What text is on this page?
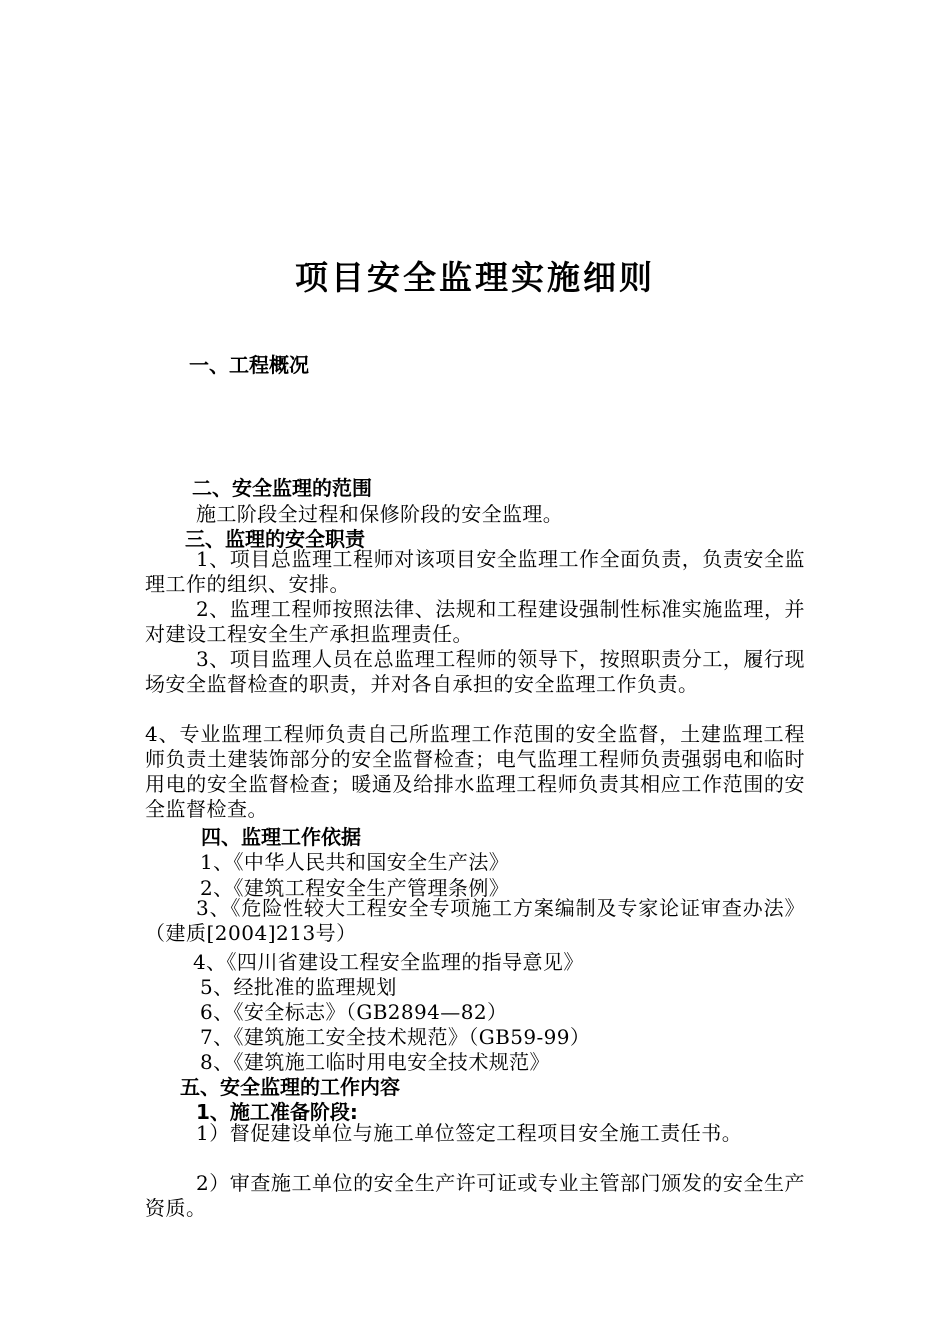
项目安全监理实施细则
一、工程概况
二、安全监理的范围
施工阶段全过程和保修阶段的安全监理。
三、监理的安全职责
1、项目总监理工程师对该项目安全监理工作全面负责，负责安全监理工作的组织、安排。
2、监理工程师按照法律、法规和工程建设强制性标准实施监理，并对建设工程安全生产承担监理责任。
3、项目监理人员在总监理工程师的领导下，按照职责分工，履行现场安全监督检查的职责，并对各自承担的安全监理工作负责。
4、专业监理工程师负责自己所监理工作范围的安全监督，土建监理工程师负责土建装饰部分的安全监督检查；电气监理工程师负责强弱电和临时用电的安全监督检查；暖通及给排水监理工程师负责其相应工作范围的安全监督检查。
四、监理工作依据
1、《中华人民共和国安全生产法》
2、《建筑工程安全生产管理条例》
3、《危险性较大工程安全专项施工方案编制及专家论证审查办法》（建质[2004]213号）
4、《四川省建设工程安全监理的指导意见》
5、经批准的监理规划
6、《安全标志》（GB2894—82）
7、《建筑施工安全技术规范》（GB59-99）
8、《建筑施工临时用电安全技术规范》
五、安全监理的工作内容
1、施工准备阶段:
1）督促建设单位与施工单位签定工程项目安全施工责任书。
2）审查施工单位的安全生产许可证或专业主管部门颁发的安全生产资质。
